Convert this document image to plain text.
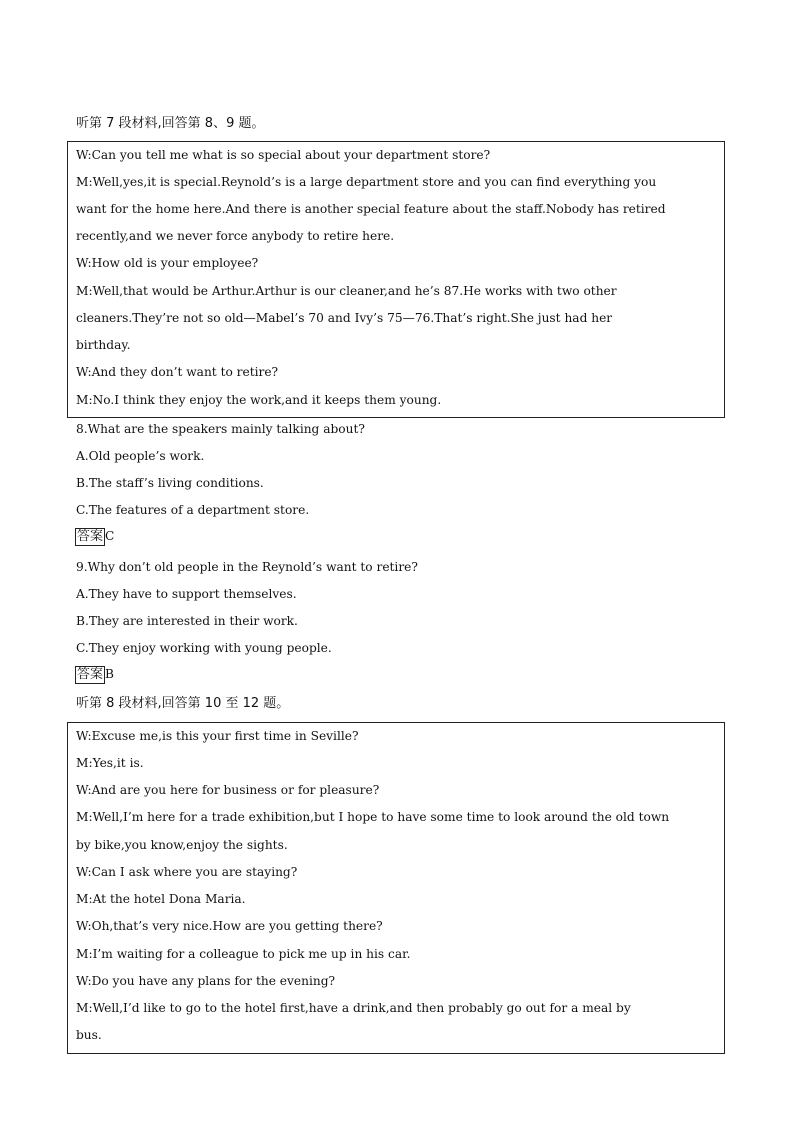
听第 7 段材料,回答第 8、9 题。
W:Can you tell me what is so special about your department store?
M:Well,yes,it is special.Reynold’s is a large department store and you can find everything you
want for the home here.And there is another special feature about the staff.Nobody has retired
recently,and we never force anybody to retire here.
W:How old is your employee?
M:Well,that would be Arthur.Arthur is our cleaner,and he’s 87.He works with two other
cleaners.They’re not so old—Mabel’s 70 and Ivy’s 75—76.That’s right.She just had her
birthday.
W:And they don’t want to retire?
M:No.I think they enjoy the work,and it keeps them young.
8.What are the speakers mainly talking about?
A.Old people’s work.
B.The staff’s living conditions.
C.The features of a department store.
答案 C
9.Why don’t old people in the Reynold’s want to retire?
A.They have to support themselves.
B.They are interested in their work.
C.They enjoy working with young people.
答案 B
听第 8 段材料,回答第 10 至 12 题。
W:Excuse me,is this your first time in Seville?
M:Yes,it is.
W:And are you here for business or for pleasure?
M:Well,I’m here for a trade exhibition,but I hope to have some time to look around the old town
by bike,you know,enjoy the sights.
W:Can I ask where you are staying?
M:At the hotel Dona Maria.
W:Oh,that’s very nice.How are you getting there?
M:I’m waiting for a colleague to pick me up in his car.
W:Do you have any plans for the evening?
M:Well,I’d like to go to the hotel first,have a drink,and then probably go out for a meal by
bus.
